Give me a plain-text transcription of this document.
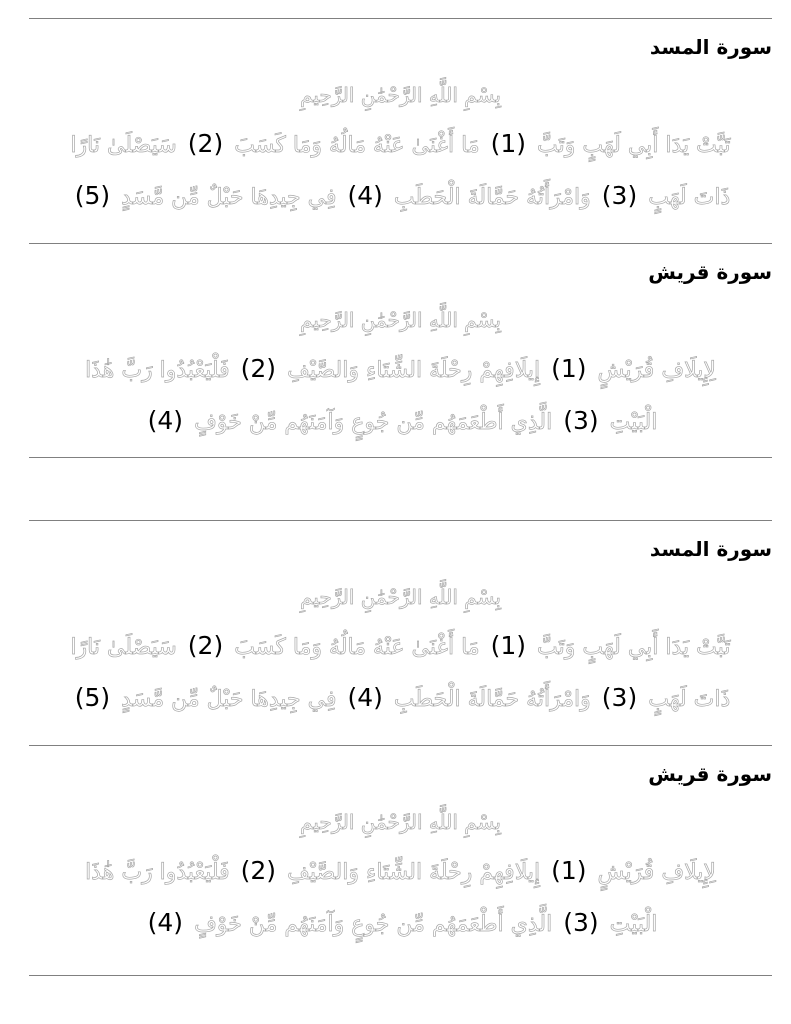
سورة المسد
بِسْمِ اللَّهِ الرَّحْمَٰنِ الرَّحِيمِ
تَبَّتْ يَدَا أَبِي لَهَبٍ وَتَبَّ (1) مَا أَغْنَىٰ عَنْهُ مَالُهُ وَمَا كَسَبَ (2) سَيَصْلَىٰ نَارًا
ذَاتَ لَهَبٍ (3) وَامْرَأَتُهُ حَمَّالَةَ الْحَطَبِ (4) فِي جِيدِهَا حَبْلٌ مِّن مَّسَدٍ (5)
سورة قريش
بِسْمِ اللَّهِ الرَّحْمَٰنِ الرَّحِيمِ
لِإِيلَافِ قُرَيْشٍ (1) إِيلَافِهِمْ رِحْلَةَ الشِّتَاءِ وَالصَّيْفِ (2) فَلْيَعْبُدُوا رَبَّ هَٰذَا
الْبَيْتِ (3) الَّذِي أَطْعَمَهُم مِّن جُوعٍ وَآمَنَهُم مِّنْ خَوْفٍ (4)
سورة المسد
بِسْمِ اللَّهِ الرَّحْمَٰنِ الرَّحِيمِ
تَبَّتْ يَدَا أَبِي لَهَبٍ وَتَبَّ (1) مَا أَغْنَىٰ عَنْهُ مَالُهُ وَمَا كَسَبَ (2) سَيَصْلَىٰ نَارًا
ذَاتَ لَهَبٍ (3) وَامْرَأَتُهُ حَمَّالَةَ الْحَطَبِ (4) فِي جِيدِهَا حَبْلٌ مِّن مَّسَدٍ (5)
سورة قريش
بِسْمِ اللَّهِ الرَّحْمَٰنِ الرَّحِيمِ
لِإِيلَافِ قُرَيْشٍ (1) إِيلَافِهِمْ رِحْلَةَ الشِّتَاءِ وَالصَّيْفِ (2) فَلْيَعْبُدُوا رَبَّ هَٰذَا
الْبَيْتِ (3) الَّذِي أَطْعَمَهُم مِّن جُوعٍ وَآمَنَهُم مِّنْ خَوْفٍ (4)
